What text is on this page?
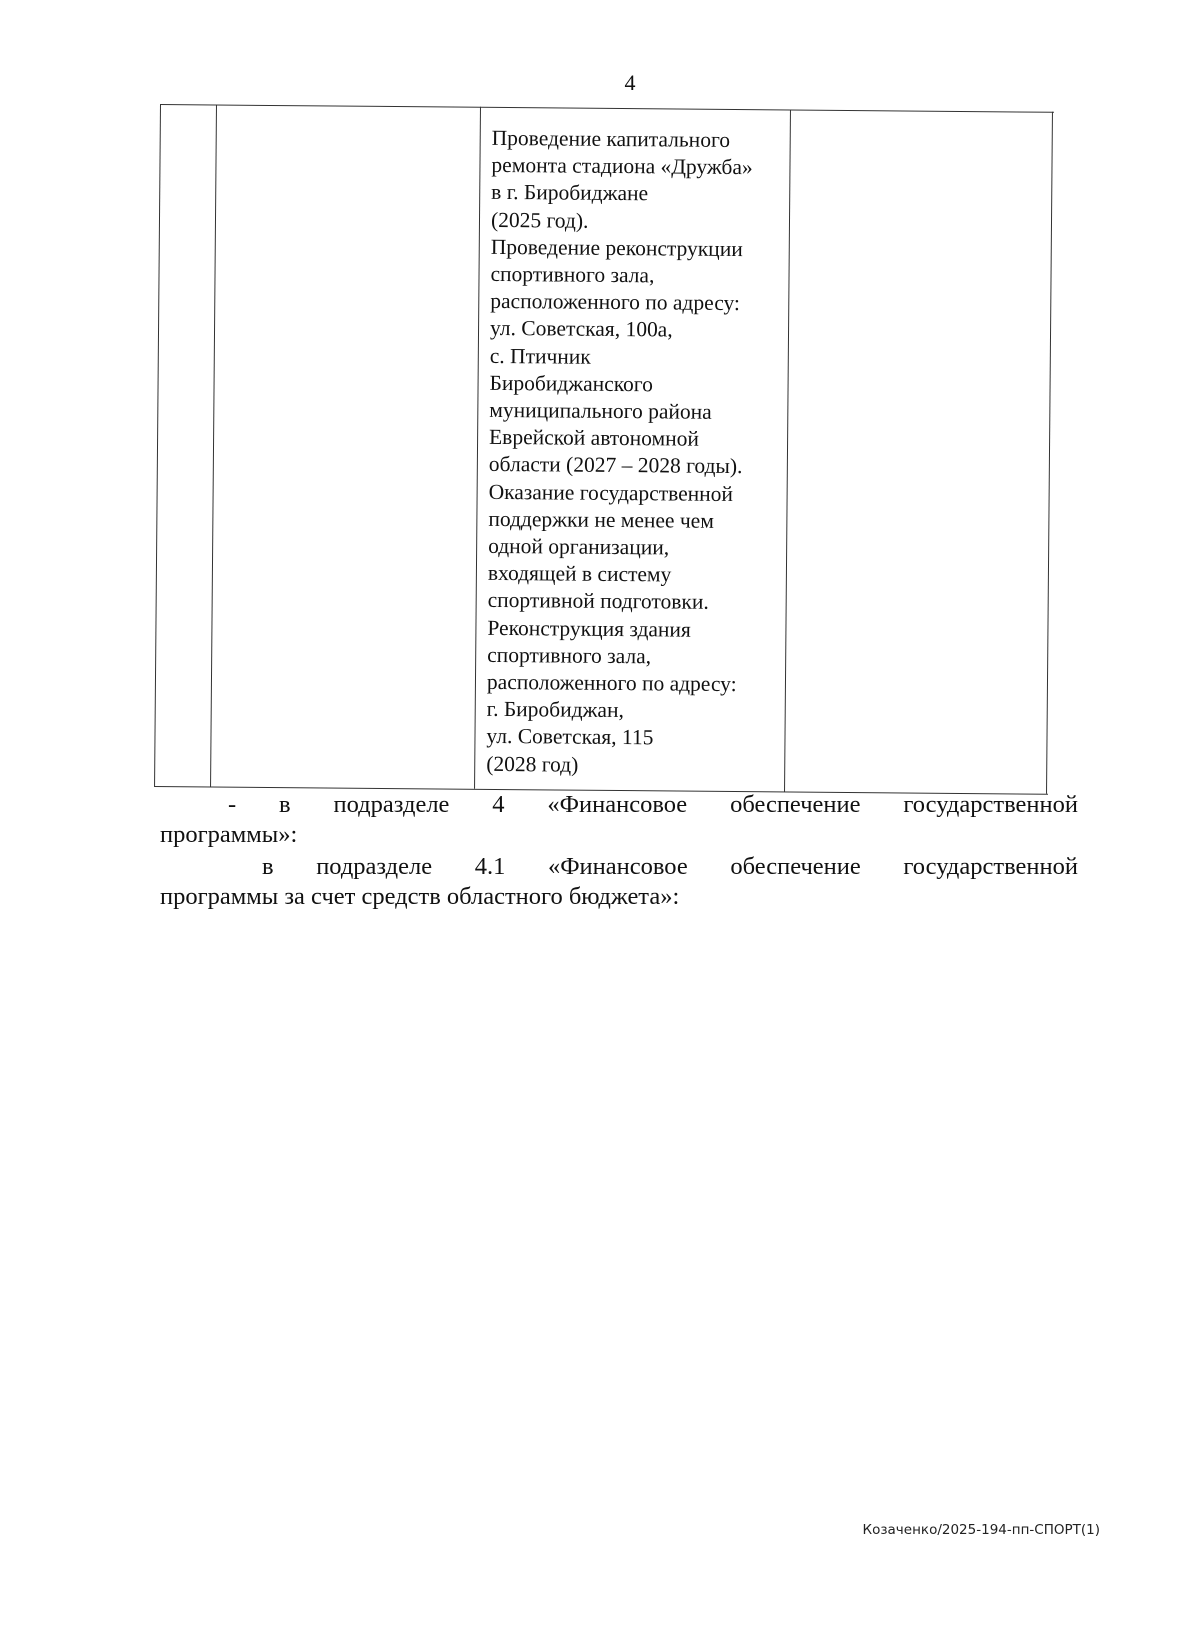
4
Проведение капитального
ремонта стадиона «Дружба»
в г. Биробиджане
(2025 год).
Проведение реконструкции
спортивного зала,
расположенного по адресу:
ул. Советская, 100а,
с. Птичник
Биробиджанского
муниципального района
Еврейской автономной
области (2027 – 2028 годы).
Оказание государственной
поддержки не менее чем
одной организации,
входящей в систему
спортивной подготовки.
Реконструкция здания
спортивного зала,
расположенного по адресу:
г. Биробиджан,
ул. Советская, 115
(2028 год)
- в подразделе 4 «Финансовое обеспечение государственной
программы»:
в подразделе 4.1 «Финансовое обеспечение государственной
программы за счет средств областного бюджета»:
Козаченко/2025-194-пп-СПОРТ(1)
